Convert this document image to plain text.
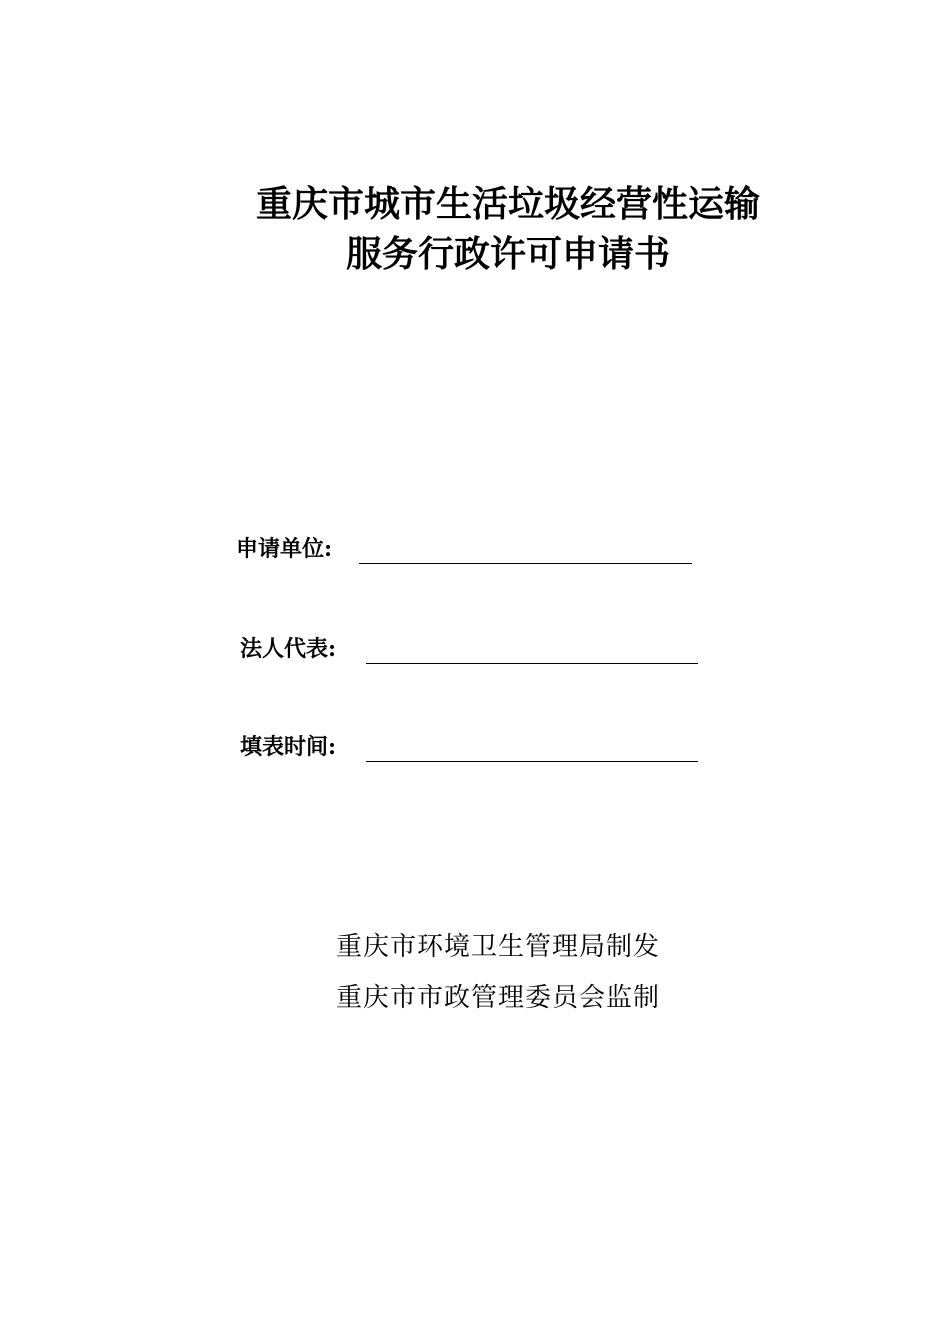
重庆市城市生活垃圾经营性运输
服务行政许可申请书
申请单位:
法人代表:
填表时间:
重庆市环境卫生管理局制发
重庆市市政管理委员会监制
